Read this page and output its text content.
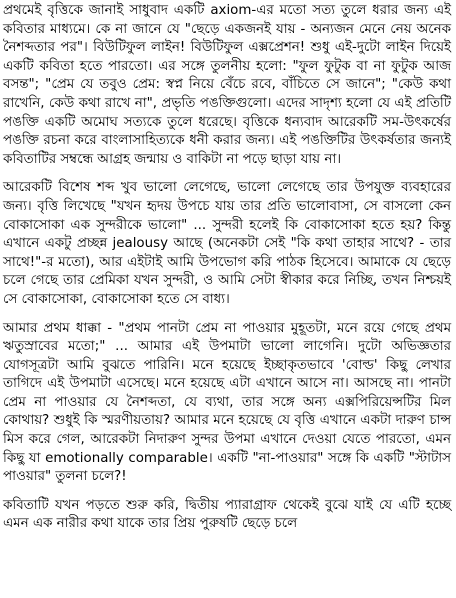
প্রথমেই বৃত্তিকে জানাই সাধুবাদ একটি axiom-এর মতো সত্য তুলে ধরার জন্য এই কবিতার মাধ্যমে। কে না জানে যে "ছেড়ে একজনই যায় - অন্যজন মেনে নেয় অনেক নৈশব্দতার পর"। বিউটিফুল লাইন! বিউটিফুল এক্সপ্রেশন! শুধু এই-দুটো লাইন দিয়েই একটি কবিতা হতে পারতো। এর সঙ্গে তুলনীয় হলো: "ফুল ফুটুক বা না ফুটুক আজ বসন্ত"; "প্রেম যে তবুও প্রেম: স্বপ্ন নিয়ে বেঁচে রবে, বাঁচিতে সে জানে"; "কেউ কথা রাখেনি, কেউ কথা রাখে না", প্রভৃতি পঙক্তিগুলো। এদের সাদৃশ্য হলো যে এই প্রতিটি পঙক্তি একটি অমোঘ সত্যকে তুলে ধরেছে। বৃত্তিকে ধন্যবাদ আরেকটি সম-উৎকর্ষের পঙক্তি রচনা করে বাংলাসাহিত্যকে ধনী করার জন্য। এই পঙক্তিটির উৎকর্ষতার জন্যই কবিতাটির সম্বন্ধে আগ্রহ জন্মায় ও বাকিটা না পড়ে ছাড়া যায় না।

আরেকটি বিশেষ শব্দ খুব ভালো লেগেছে, ভালো লেগেছে তার উপযুক্ত ব্যবহারের জন্য। বৃত্তি লিখেছে "যখন হৃদয় উপচে যায় তার প্রতি ভালোবাসা, সে বাসলো কেন বোকাসোকা এক সুন্দরীকে ভালো" ... সুন্দরী হলেই কি বোকাসোকা হতে হয়? কিন্তু এখানে একটু প্রচ্ছন্ন jealousy আছে (অনেকটা সেই "কি কথা তাহার সাথে? - তার সাথে!"-র মতো), আর এইটাই আমি উপভোগ করি পাঠক হিসেবে। আমাকে যে ছেড়ে চলে গেছে তার প্রেমিকা যখন সুন্দরী, ও আমি সেটা স্বীকার করে নিচ্ছি, তখন নিশ্চয়ই সে বোকাসোকা, বোকাসোকা হতে সে বাধ্য।

আমার প্রথম ধাক্কা - "প্রথম পানটা প্রেম না পাওয়ার মুহূতটা, মনে রয়ে গেছে প্রথম ঋতুস্রাবের মতো;" ... আমার এই উপমাটা ভালো লাগেনি। দুটো অভিজ্ঞতার যোগসূত্রটা আমি বুঝতে পারিনি। মনে হয়েছে ইচ্ছাকৃতভাবে 'বোল্ড' কিছু লেখার তাগিদে এই উপমাটা এসেছে। মনে হয়েছে এটা এখানে আসে না। আসছে না। পানটা প্রেম না পাওয়ার যে নৈশব্দতা, যে ব্যথা, তার সঙ্গে অন্য এক্সপিরিয়েন্সটির মিল কোথায়? শুধুই কি স্মরণীয়তায়? আমার মনে হয়েছে যে বৃত্তি এখানে একটা দারুণ চান্স মিস করে গেল, আরেকটা নিদারুণ সুন্দর উপমা এখানে দেওয়া যেতে পারতো, এমন কিছু যা emotionally comparable। একটি "না-পাওয়ার" সঙ্গে কি একটি "স্টাটাস পাওয়ার" তুলনা চলে?!

কবিতাটি যখন পড়তে শুরু করি, দ্বিতীয় প্যারাগ্রাফ থেকেই বুঝে যাই যে এটি হচ্ছে এমন এক নারীর কথা যাকে তার প্রিয় পুরুষটি ছেড়ে চলে
